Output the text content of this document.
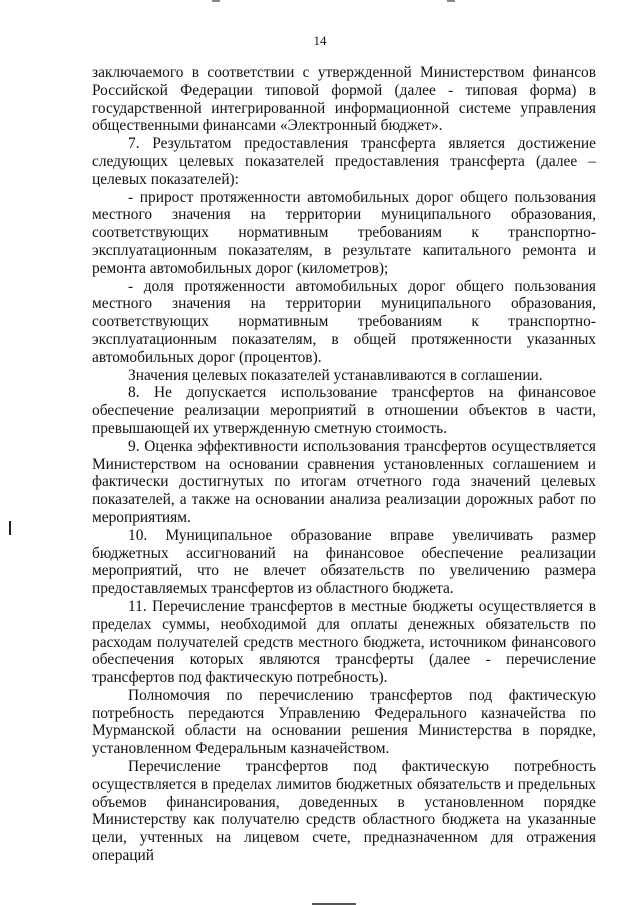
14

заключаемого в соответствии с утвержденной Министерством финансов Российской Федерации типовой формой (далее - типовая форма) в государственной интегрированной информационной системе управления общественными финансами «Электронный бюджет».

7. Результатом предоставления трансферта является достижение следующих целевых показателей предоставления трансферта (далее – целевых показателей):

- прирост протяженности автомобильных дорог общего пользования местного значения на территории муниципального образования, соответствующих нормативным требованиям к транспортно-эксплуатационным показателям, в результате капитального ремонта и ремонта автомобильных дорог (километров);

- доля протяженности автомобильных дорог общего пользования местного значения на территории муниципального образования, соответствующих нормативным требованиям к транспортно-эксплуатационным показателям, в общей протяженности указанных автомобильных дорог (процентов).

Значения целевых показателей устанавливаются в соглашении.

8. Не допускается использование трансфертов на финансовое обеспечение реализации мероприятий в отношении объектов в части, превышающей их утвержденную сметную стоимость.

9. Оценка эффективности использования трансфертов осуществляется Министерством на основании сравнения установленных соглашением и фактически достигнутых по итогам отчетного года значений целевых показателей, а также на основании анализа реализации дорожных работ по мероприятиям.

10. Муниципальное образование вправе увеличивать размер бюджетных ассигнований на финансовое обеспечение реализации мероприятий, что не влечет обязательств по увеличению размера предоставляемых трансфертов из областного бюджета.

11. Перечисление трансфертов в местные бюджеты осуществляется в пределах суммы, необходимой для оплаты денежных обязательств по расходам получателей средств местного бюджета, источником финансового обеспечения которых являются трансферты (далее - перечисление трансфертов под фактическую потребность).

Полномочия по перечислению трансфертов под фактическую потребность передаются Управлению Федерального казначейства по Мурманской области на основании решения Министерства в порядке, установленном Федеральным казначейством.

Перечисление трансфертов под фактическую потребность осуществляется в пределах лимитов бюджетных обязательств и предельных объемов финансирования, доведенных в установленном порядке Министерству как получателю средств областного бюджета на указанные цели, учтенных на лицевом счете, предназначенном для отражения операций
